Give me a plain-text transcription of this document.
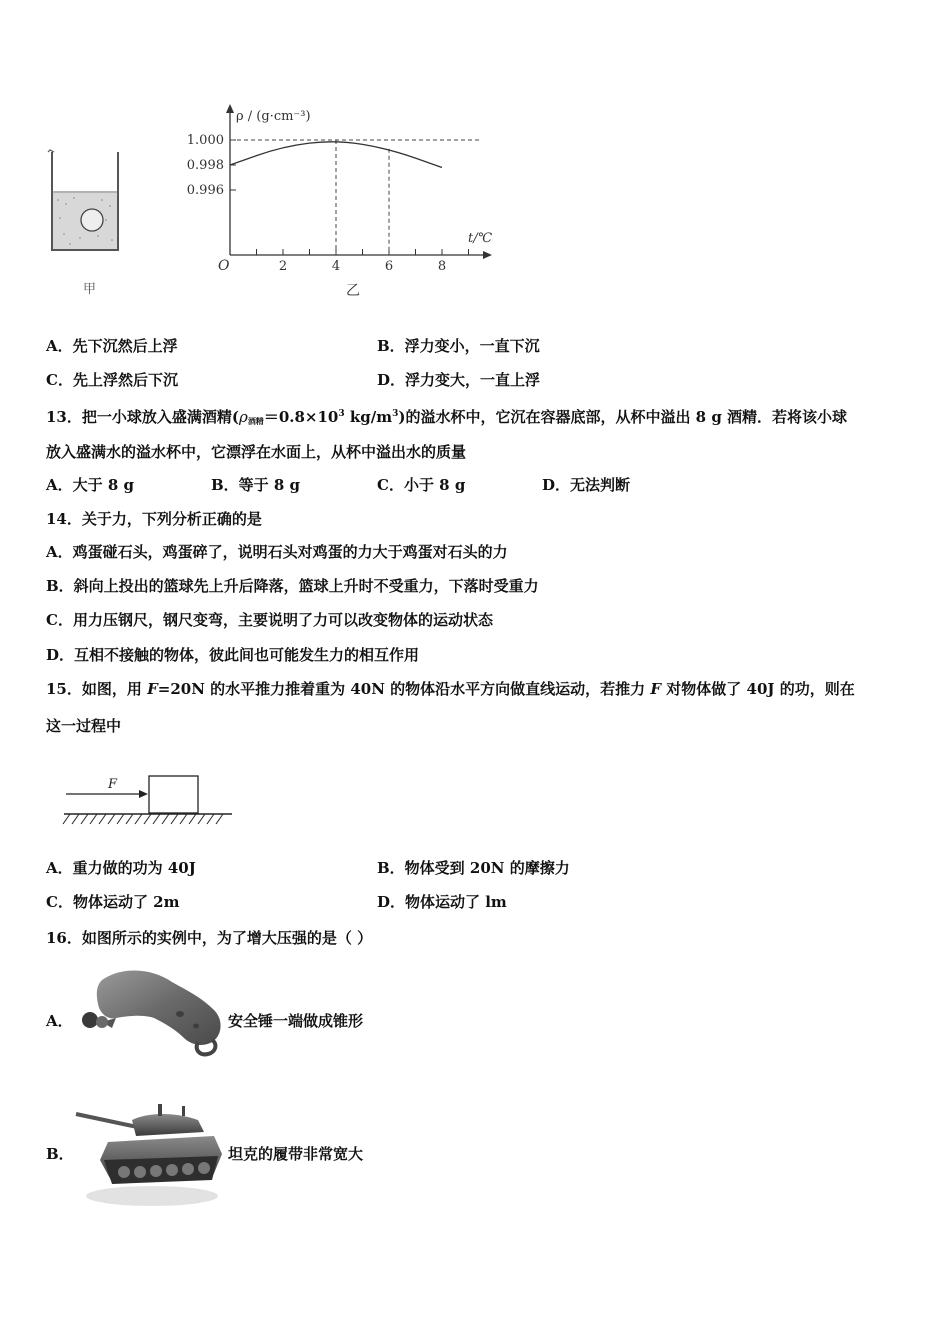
甲
1.000
0.998
0.996
2	4	6	8
ρ / (g·cm⁻³)
t/℃
O
乙
A．先下沉然后上浮	B．浮力变小，一直下沉
C．先上浮然后下沉	D．浮力变大，一直上浮
13．把一小球放入盛满酒精($\rho_{酒精}=0.8\times 10^3$ $kg/m^3$)的溢水杯中，它沉在容器底部，从杯中溢出 8 g 酒精．若将该小球
放入盛满水的溢水杯中，它漂浮在水面上，从杯中溢出水的质量
A．大于 8 g	B．等于 8 g	C．小于 8 g	D．无法判断
14．关于力，下列分析正确的是
A．鸡蛋碰石头，鸡蛋碎了，说明石头对鸡蛋的力大于鸡蛋对石头的力
B．斜向上投出的篮球先上升后降落，篮球上升时不受重力，下落时受重力
C．用力压钢尺，钢尺变弯，主要说明了力可以改变物体的运动状态
D．互相不接触的物体，彼此间也可能发生力的相互作用
15．如图，用 F=20N 的水平推力推着重为 40N 的物体沿水平方向做直线运动，若推力 F 对物体做了 40J 的功，则在
这一过程中
F
A．重力做的功为 40J	B．物体受到 20N 的摩擦力
C．物体运动了 2m	D．物体运动了 lm
16．如图所示的实例中，为了增大压强的是（ ）
A．	安全锤一端做成锥形
B．	坦克的履带非常宽大
